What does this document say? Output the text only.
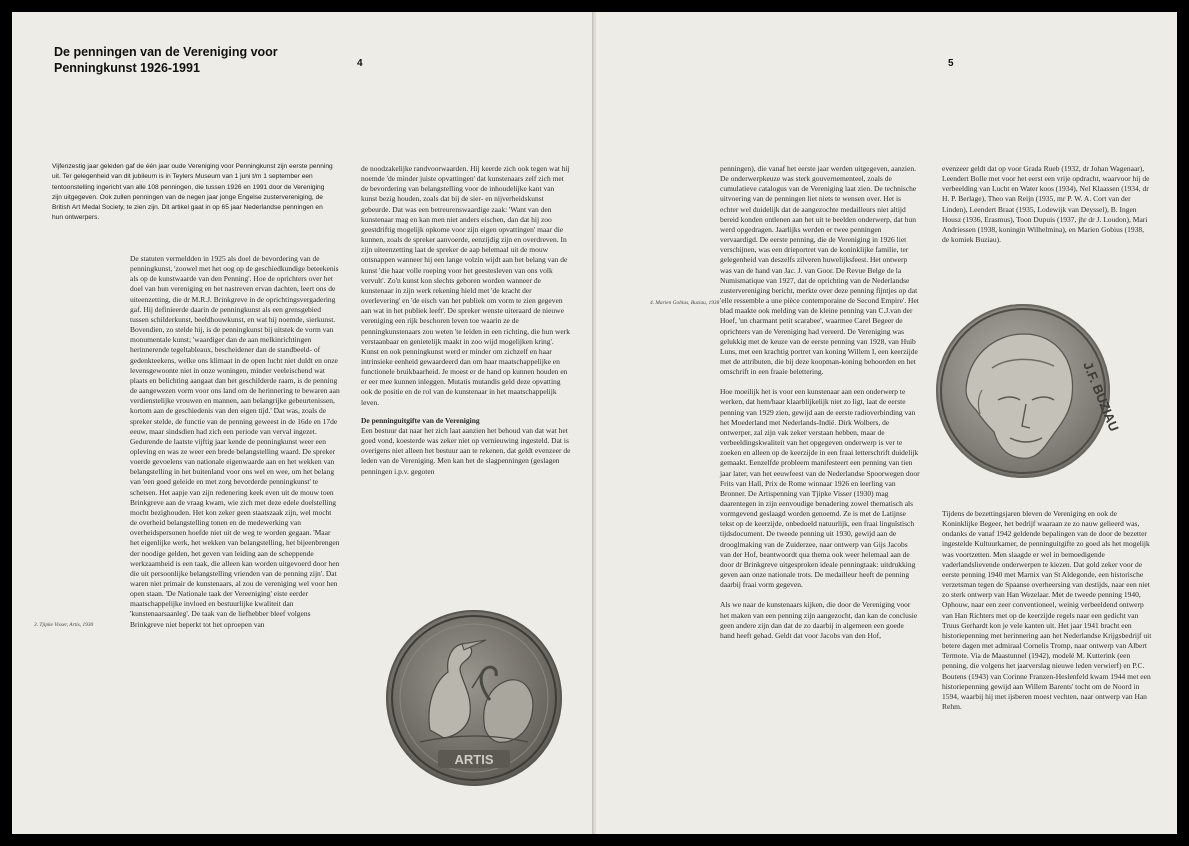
De penningen van de Vereniging voor
Penningkunst 1926-1991	4
Vijfenzestig jaar geleden gaf de één jaar oude Vereniging voor Penningkunst zijn eerste penning uit. Ter gelegenheid van dit jubileum is in Teylers Museum van 1 juni t/m 1 september een tentoonstelling ingericht van alle 108 penningen, die tussen 1926 en 1991 door de Vereniging zijn uitgegeven. Ook zullen penningen van de negen jaar jonge Engelse zustervereniging, de British Art Medal Society, te zien zijn. Dit artikel gaat in op 65 jaar Nederlandse penningen en hun ontwerpers.
3. Tjipke Visser, Artis, 1930

De statuten vermeldden in 1925 als doel de bevordering van de penningkunst, 'zoowel met het oog op de geschiedkundige beteekenis als op de kunstwaarde van den Penning'. Hoe de oprichters over het doel van hun vereniging en het nastreven ervan dachten, leert ons de uiteenzetting, die dr M.R.J. Brinkgreve in de oprichtingsvergadering gaf. Hij definieerde daarin de penningkunst als een grensgebied tussen schilderkunst, beeldhouwkunst, en wat hij noemde, sierkunst. Bovendien, zo stelde hij, is de penningkunst bij uitstek de vorm van monumentale kunst; 'waardiger dan de aan melkinrichtingen herinnerende tegeltableaux, bescheidener dan de standbeeld- of gedenkteekens, welke ons klimaat in de open lucht niet duldt en onze levensgewoonte niet in onze woningen, minder veeleischend wat plaats en belichting aangaat dan het geschilderde raam, is de penning de aangewezen vorm voor ons land om de herinnering te bewaren aan verdienstelijke vrouwen en mannen, aan belangrijke gebeurtenissen, kortom aan de geschiedenis van den eigen tijd.' Dat was, zoals de spreker stelde, de functie van de penning geweest in de 16de en 17de eeuw, maar sindsdien had zich een periode van verval ingezet. Gedurende de laatste vijftig jaar kende de penningkunst weer een opleving en was ze weer een brede belangstelling waard. De spreker voerde gevoelens van nationale eigenwaarde aan en het wekken van belangstelling in het buitenland voor ons wel en wee, om het belang van 'een goed geleide en met zorg bevorderde penningkunst' te schetsen. Het aapje van zijn redenering keek even uit de mouw toen Brinkgreve aan de vraag kwam, wie zich met deze edele doelstelling mocht bezighouden. Het kon zeker geen staatszaak zijn, wel mocht de overheid belangstelling tonen en de medewerking van overheidspersonen hoefde niet uit de weg te worden gegaan. 'Maar het eigenlijke werk, het wekken van belangstelling, het bijeenbrengen der noodige gelden, het geven van leiding aan de scheppende werkzaamheid is een taak, die alleen kan worden uitgevoerd door hen die uit persoonlijke belangstelling vrienden van de penning zijn'. Dat waren niet primair de kunstenaars, al zou de vereniging wel voor hen open staan. 'De Nationale taak der Vereeniging' eiste eerder maatschappelijke invloed en bestuurlijke kwaliteit dan 'kunstenaarsaanleg'. De taak van de liefhebber bleef volgens Brinkgreve niet beperkt tot het oproepen van

de noodzakelijke randvoorwaarden. Hij keerde zich ook tegen wat hij noemde 'de minder juiste opvattingen' dat kunstenaars zelf zich met de bevordering van belangstelling voor de inhoudelijke kant van kunst bezig houden, zoals dat bij de sier- en nijverheidskunst gebeurde. Dat was een betreurenswaardige zaak: 'Want van den kunstenaar mag en kan men niet anders eischen, dan dat hij zoo geestdriftig mogelijk opkome voor zijn eigen opvattingen' maar die kunnen, zoals de spreker aanvoerde, eenzijdig zijn en overdreven. In zijn uiteenzetting laat de spreker de aap helemaal uit de mouw ontsnappen wanneer hij een lange volzin wijdt aan het belang van de kunst 'die haar volle roeping voor het geestesleven van ons volk vervult'. Zo'n kunst kon slechts geboren worden wanneer de kunstenaar in zijn werk rekening hield met 'de kracht der overlevering' en 'de eisch van het publiek om vorm te zien gegeven aan wat in het publiek leeft'. De spreker wenste uiteraard de nieuwe vereniging een rijk beschoren leven toe waarin ze de penningkunstenaars zou weten 'te leiden in een richting, die hun werk verstaanbaar en genietelijk maakt in zoo wijd mogelijken kring'.

Kunst en ook penningkunst werd er minder om zichzelf en haar intrinsieke eenheid gewaardeerd dan om haar maatschappelijke en functionele bruikbaarheid. Je moest er de hand op kunnen houden en er eer mee kunnen inleggen. Mutatis mutandis geld deze opvatting ook de positie en de rol van de kunstenaar in het maatschappelijk leven.

De penninguitgifte van de Vereniging

Een bestuur dat naar het zich laat aanzien het behoud van dat wat het goed vond, koesterde was zeker niet op vernieuwing ingesteld. Dat is overigens niet alleen het bestuur aan te rekenen, dat geldt evenzeer de leden van de Vereniging. Men kan het de slagpenningen (geslagen penningen i.p.v. gegoten

ARTIS
5
4. Marien Gobius, Buziau, 1938

penningen), die vanaf het eerste jaar werden uitgegeven, aanzien. De onderwerpkeuze was sterk gouvernementeel, zoals de cumulatieve catalogus van de Vereniging laat zien. De technische uitvoering van de penningen liet niets te wensen over. Het is echter wel duidelijk dat de aangezochte medailleurs niet altijd bereid konden ontlenen aan het uit te beelden onderwerp, dat hun werd opgedragen. Jaarlijks werden er twee penningen vervaardigd. De eerste penning, die de Vereniging in 1926 liet verschijnen, was een drieportret van de koninklijke familie, ter gelegenheid van deszelfs zilveren huwelijksfeest. Het ontwerp was van de hand van Jac. J. van Goor. De Revue Belge de la Numismatique van 1927, dat de oprichting van de Nederlandse zustervereniging bericht, merkte over deze penning fijntjes op dat 'elle ressemble a une pièce contemporaine de Second Empire'. Het blad maakte ook melding van de kleine penning van C.J.van der Hoef, 'un charmant petit scarabee', waarmee Carel Begeer de oprichters van de Vereniging had vereerd. De Vereniging was gelukkig met de keuze van de eerste penning van 1928, van Huib Luns, met een krachtig portret van koning Willem I, een keerzijde met de attributen, die bij deze koopman-koning behoorden en het omschrift in een fraaie belettering.

Hoe moeilijk het is voor een kunstenaar aan een onderwerp te werken, dat hem/haar klaarblijkelijk niet zo ligt, laat de eerste penning van 1929 zien, gewijd aan de eerste radioverbinding van het Moederland met Nederlands-Indië. Dirk Wolbers, de ontwerper, zal zijn vak zeker verstaan hebben, maar de verbeeldingskwaliteit van het opgegeven onderwerp is ver te zoeken en alleen op de keerzijde in een fraai letterschrift duidelijk gemaakt. Eenzelfde probleem manifesteert een penning van tien jaar later, van het eeuwfeest van de Nederlandse Spoorwegen door Frits van Hall, Prix de Rome winnaar 1926 en leerling van Bronner. De Artispenning van Tjipke Visser (1930) mag daarentegen in zijn eenvoudige benadering zowel thematisch als vormgevend geslaagd worden genoemd. Ze is met de Latijnse tekst op de keerzijde, onbedoeld natuurlijk, een fraai linguïstisch tijdsdocument. De tweede penning uit 1930, gewijd aan de drooglmaking van de Zuiderzee, naar ontwerp van Gijs Jacobs van der Hof, beantwoordt qua thema ook weer helemaal aan de door dr Brinkgreve uitgesproken ideale penningtaak: uitdrukking geven aan onze nationale trots. De medailleur heeft de penning daarbij fraai vorm gegeven.

Als we naar de kunstenaars kijken, die door de Vereniging voor het maken van een penning zijn aangezocht, dan kan de conclusie geen andere zijn dan dat de zo daarbij in algemeen een goede hand heeft gehad. Geldt dat voor Jacobs van den Hof,

evenzeer geldt dat op voor Grada Rueb (1932, dr Johan Wagenaar), Leendert Bolle met voor het eerst een vrije opdracht, waarvoor hij de verbeelding van Lucht en Water koos (1934), Nel Klaassen (1934, dr H. P. Berlage), Theo van Reijn (1935, mr P. W. A. Cort van der Linden), Leendert Braat (1935, Lodewijk van Deyssel), B. Ingen Housz (1936, Erasmus), Toon Dupuis (1937, jhr dr J. Loudon), Mari Andriessen (1938, koningin Wilhelmina), en Marien Gobius (1938, de komiek Buziau).

J.F. BUZIAU

Tijdens de bezettingsjaren bleven de Vereniging en ook de Koninklijke Begeer, het bedrijf waaraan ze zo nauw gelieerd was, ondanks de vanaf 1942 geldende bepalingen van de door de bezetter ingestelde Kultuurkamer, de penninguitgifte zo goed als het mogelijk was voortzetten. Men slaagde er wel in bemoedigende vaderlandslievende onderwerpen te kiezen. Dat gold zeker voor de eerste penning 1940 met Marnix van St Aldegonde, een historische verzetsman tegen de Spaanse overheersing van destijds, naar een niet zo sterk ontwerp van Han Wezelaar. Met de tweede penning 1940, Ophouw, naar een zeer conventioneel, weinig verbeeldend ontwerp van Han Richters met op de keerzijde regels naar een gedicht van Truus Gerhardt kon je vele kanten uit. Het jaar 1941 bracht een historiepenning met herinnering aan het Nederlandse Krijgsbedrijf uit betere dagen met admiraal Cornelis Tromp, naar ontwerp van Albert Termote. Via de Maastunnel (1942), modelé M. Kutterink (een penning, die volgens het jaarverslag nieuwe leden verwierf) en P.C. Boutens (1943) van Corinne Franzen-Heslenfeld kwam 1944 met een historiepenning gewijd aan Willem Barents' tocht om de Noord in 1594, waarbij hij met ijsberen moest vechten, naar ontwerp van Han Rehm.
